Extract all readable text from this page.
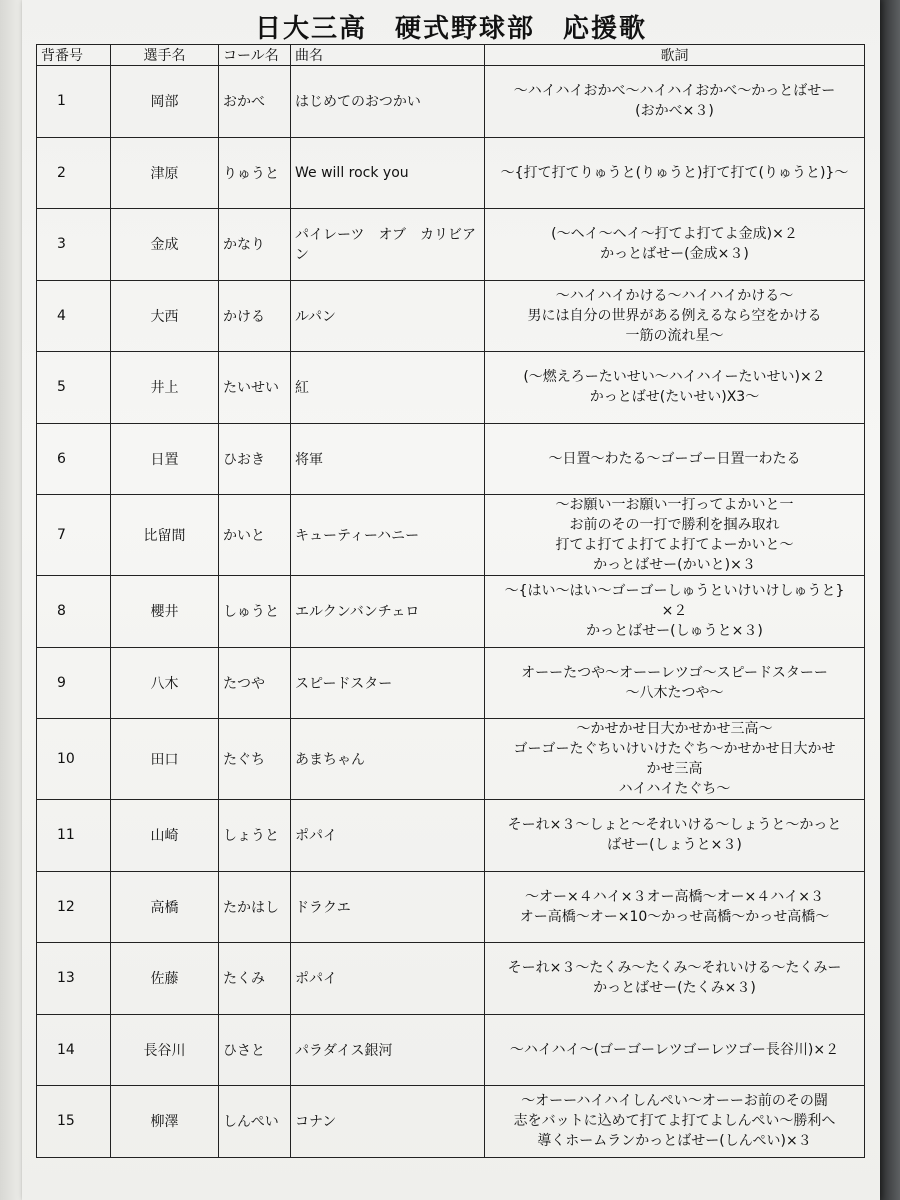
日大三高　硬式野球部　応援歌
背番号	選手名	コール名	曲名	歌詞
1	岡部	おかべ	はじめてのおつかい	～ハイハイおかべ～ハイハイおかべ～かっとばせー
(おかべ×３)
2	津原	りゅうと	We will rock you	～{打て打てりゅうと(りゅうと)打て打て(りゅうと)}～
3	金成	かなり	パイレーツ　オブ　カリビアン	(～ヘイ～ヘイ～打てよ打てよ金成)×２
かっとばせー(金成×３)
4	大西	かける	ルパン	～ハイハイかける～ハイハイかける～
男には自分の世界がある例えるなら空をかける
一筋の流れ星～
5	井上	たいせい	紅	(～燃えろーたいせい～ハイハイーたいせい)×２
かっとばせ(たいせい)X3～
6	日置	ひおき	将軍	～日置～わたる～ゴーゴー日置一わたる
7	比留間	かいと	キューティーハニー	～お願い一お願い一打ってよかいと一
お前のその一打で勝利を掴み取れ
打てよ打てよ打てよ打てよーかいと～
かっとばせー(かいと)×３
8	櫻井	しゅうと	エルクンバンチェロ	～{はい～はい～ゴーゴーしゅうといけいけしゅうと}
×２
かっとばせー(しゅうと×３)
9	八木	たつや	スピードスター	オーーたつや～オーーレツゴ～スピードスターー
～八木たつや～
10	田口	たぐち	あまちゃん	～かせかせ日大かせかせ三高～
ゴーゴーたぐちいけいけたぐち～かせかせ日大かせ
かせ三高
ハイハイたぐち～
11	山崎	しょうと	ポパイ	そーれ×３～しょと～それいける～しょうと～かっと
ばせー(しょうと×３)
12	高橋	たかはし	ドラクエ	～オー×４ハイ×３オー高橋～オー×４ハイ×３
オー高橋～オー×10～かっせ高橋～かっせ高橋～
13	佐藤	たくみ	ポパイ	そーれ×３～たくみ～たくみ～それいける～たくみー
かっとばせー(たくみ×３)
14	長谷川	ひさと	パラダイス銀河	～ハイハイ～(ゴーゴーレツゴーレツゴー長谷川)×２
15	柳澤	しんぺい	コナン	～オーーハイハイしんぺい～オーーお前のその闘
志をバットに込めて打てよ打てよしんぺい～勝利へ
導くホームランかっとばせー(しんぺい)×３
